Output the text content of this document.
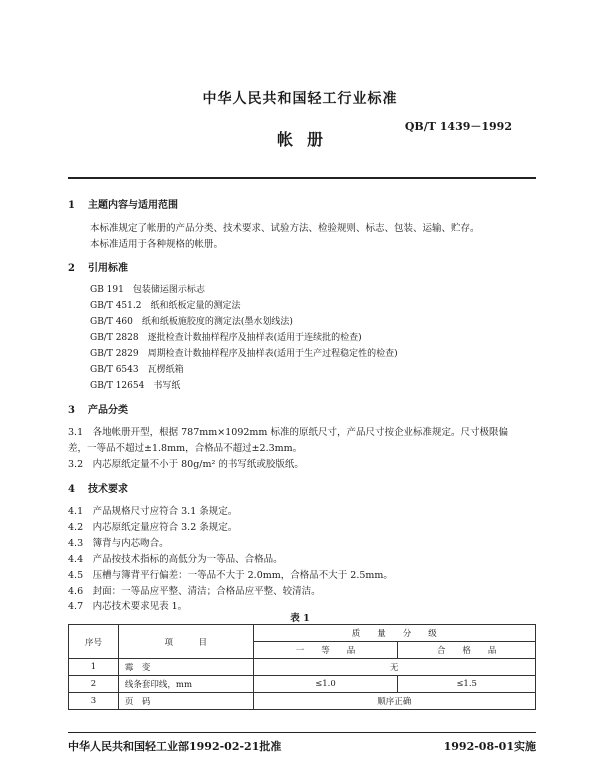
中华人民共和国轻工行业标准
QB/T 1439－1992
帐册
1 主题内容与适用范围
本标准规定了帐册的产品分类、技术要求、试验方法、检验规则、标志、包装、运输、贮存。
本标准适用于各种规格的帐册。
2 引用标准
GB 191　包装储运图示标志
GB/T 451.2　纸和纸板定量的测定法
GB/T 460　纸和纸板施胶度的测定法(墨水划线法)
GB/T 2828　逐批检查计数抽样程序及抽样表(适用于连续批的检查)
GB/T 2829　周期检查计数抽样程序及抽样表(适用于生产过程稳定性的检查)
GB/T 6543　瓦楞纸箱
GB/T 12654　书写纸
3 产品分类
3.1　各地帐册开型，根据 787mm×1092mm 标准的原纸尺寸，产品尺寸按企业标准规定。尺寸极限偏
差，一等品不超过±1.8mm，合格品不超过±2.3mm。
3.2　内芯原纸定量不小于 80g/m² 的书写纸或胶版纸。
4 技术要求
4.1　产品规格尺寸应符合 3.1 条规定。
4.2　内芯原纸定量应符合 3.2 条规定。
4.3　簿背与内芯吻合。
4.4　产品按技术指标的高低分为一等品、合格品。
4.5　压槽与簿背平行偏差：一等品不大于 2.0mm，合格品不大于 2.5mm。
4.6　封面：一等品应平整、清洁；合格品应平整、较清洁。
4.7　内芯技术要求见表 1。
表 1
序号	项　　　目	质　　量　　分　　级	
		一　　等　　品	合　　格　　品
1	霉　变	无	
2	线条套印线，mm	≤1.0	≤1.5
3	页　码	顺序正确	
中华人民共和国轻工业部1992-02-21批准	1992-08-01实施
